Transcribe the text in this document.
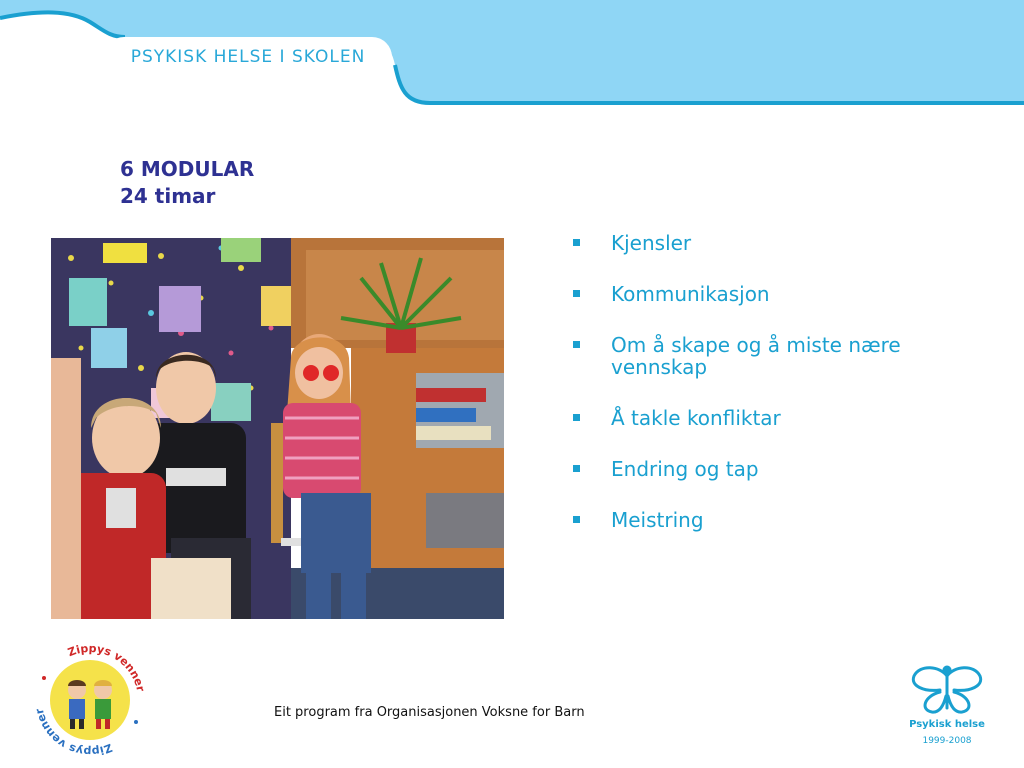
PSYKISK HELSE I SKOLEN
6 MODULAR
24 timar
Kjensler
Kommunikasjon
Om å skape og å miste nære vennskap
Å takle konfliktar
Endring og tap
Meistring
Eit program fra Organisasjonen Voksne for Barn
Zippys venner
Zippys venner
Psykisk helse
1999-2008
